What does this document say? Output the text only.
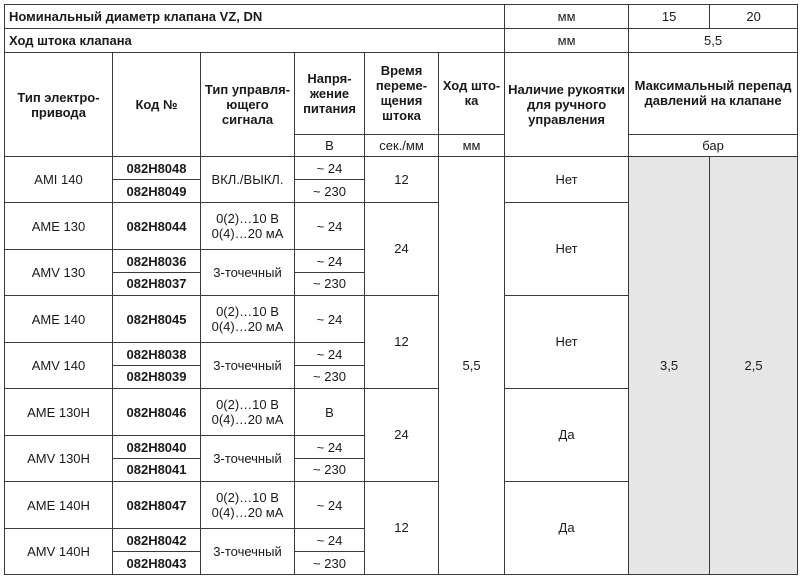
Номинальный диаметр клапана VZ, DN						мм	15	20
Ход штока клапана						мм	5,5	
Тип электро-привода	Код №	Тип управля-ющего сигнала	Напря-жение питания	Время переме-щения штока	Ход што-ка	Наличие рукоятки для ручного управления	Максимальный перепад давлений на клапане	
			В	сек./мм	мм		бар	
AMI 140	082H8048	ВКЛ./ВЫКЛ.	~ 24	12	5,5	Нет	3,5	2,5
	082H8049		~ 230					
AME 130	082H8044	0(2)…10 В 0(4)…20 мА	~ 24	24		Нет		
AMV 130	082H8036	3-точечный	~ 24					
	082H8037		~ 230					
AME 140	082H8045	0(2)…10 В 0(4)…20 мА	~ 24	12		Нет		
AMV 140	082H8038	3-точечный	~ 24					
	082H8039		~ 230					
AME 130H	082H8046	0(2)…10 В 0(4)…20 мА	В	24		Да		
AMV 130H	082H8040	3-точечный	~ 24					
	082H8041		~ 230					
AME 140H	082H8047	0(2)…10 В 0(4)…20 мА	~ 24	12		Да		
AMV 140H	082H8042	3-точечный	~ 24					
	082H8043		~ 230					
